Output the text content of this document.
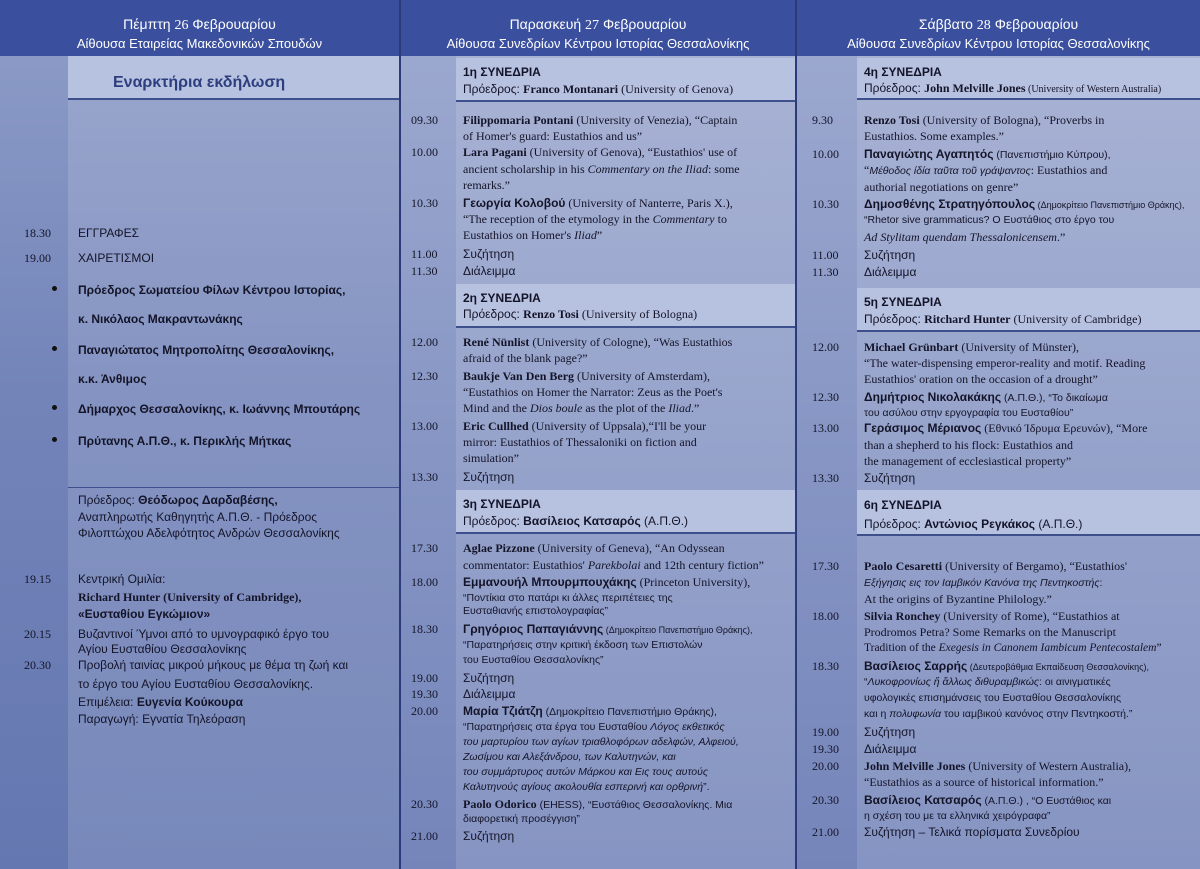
Πέμπτη 26 Φεβρουαρίου
Αίθουσα Εταιρείας Μακεδονικών Σπουδών
Εναρκτήρια εκδήλωση
18.30 ΕΓΓΡΑΦΕΣ
19.00 ΧΑΙΡΕΤΙΣΜΟΙ
Πρόεδρος Σωματείου Φίλων Κέντρου Ιστορίας,
κ. Νικόλαος Μακραντωνάκης
Παναγιώτατος Μητροπολίτης Θεσσαλονίκης,
κ.κ. Άνθιμος
Δήμαρχος Θεσσαλονίκης, κ. Ιωάννης Μπουτάρης
Πρύτανης Α.Π.Θ., κ. Περικλής Μήτκας
Πρόεδρος: Θεόδωρος Δαρδαβέσης,
Αναπληρωτής Καθηγητής Α.Π.Θ. - Πρόεδρος
Φιλοπτώχου Αδελφότητος Ανδρών Θεσσαλονίκης
19.15 Κεντρική Ομιλία:
Richard Hunter (University of Cambridge),
«Ευσταθίου Εγκώμιον»
20.15 Βυζαντινοί Ύμνοι από το υμνογραφικό έργο του
Αγίου Ευσταθίου Θεσσαλονίκης
20.30 Προβολή ταινίας μικρού μήκους με θέμα τη ζωή και
το έργο του Αγίου Ευσταθίου Θεσσαλονίκης.
Επιμέλεια: Ευγενία Κούκουρα
Παραγωγή: Εγνατία Τηλεόραση
Παρασκευή 27 Φεβρουαρίου
Αίθουσα Συνεδρίων Κέντρου Ιστορίας Θεσσαλονίκης
1η ΣΥΝΕΔΡΙΑ
Πρόεδρος: Franco Montanari (University of Genova)
09.30 Filippomaria Pontani (University of Venezia), “Captain
of Homer's guard: Eustathios and us”
10.00 Lara Pagani (University of Genova), “Eustathios' use of
ancient scholarship in his Commentary on the Iliad: some
remarks.”
10.30 Γεωργία Κολοβού (University of Nanterre, Paris X.),
“The reception of the etymology in the Commentary to
Eustathios on Homer's Iliad”
11.00 Συζήτηση
11.30 Διάλειμμα
2η ΣΥΝΕΔΡΙΑ
Πρόεδρος: Renzo Tosi (University of Bologna)
12.00 René Nünlist (University of Cologne), “Was Eustathios
afraid of the blank page?”
12.30 Baukje Van Den Berg (University of Amsterdam),
“Eustathios on Homer the Narrator: Zeus as the Poet's
Mind and the Dios boule as the plot of the Iliad.”
13.00 Eric Cullhed (University of Uppsala),“I'll be your
mirror: Eustathios of Thessaloniki on fiction and
simulation”
13.30 Συζήτηση
3η ΣΥΝΕΔΡΙΑ
Πρόεδρος: Βασίλειος Κατσαρός (Α.Π.Θ.)
17.30 Aglae Pizzone (University of Geneva), “An Odyssean
commentator: Eustathios' Parekbolai and 12th century fiction”
18.00 Εμμανουήλ Μπουρμπουχάκης (Princeton University),
“Ποντίκια στο πατάρι κι άλλες περιπέτειες της
Ευσταθιανής επιστολογραφίας”
18.30 Γρηγόριος Παπαγιάννης (Δημοκρίτειο Πανεπιστήμιο Θράκης),
“Παρατηρήσεις στην κριτική έκδοση των Επιστολών
του Ευσταθίου Θεσσαλονίκης”
19.00 Συζήτηση
19.30 Διάλειμμα
20.00 Μαρία Τζιάτζη (Δημοκρίτειο Πανεπιστήμιο Θράκης),
“Παρατηρήσεις στα έργα του Ευσταθίου Λόγος εκθετικός
του μαρτυρίου των αγίων τριαθλοφόρων αδελφών, Αλφειού,
Ζωσίμου και Αλεξάνδρου, των Καλυτηνών, και
του συμμάρτυρος αυτών Μάρκου και Εις τους αυτούς
Καλυτηνούς αγίους ακολουθία εσπερινή και ορθρινή”.
20.30 Paolo Odorico (EHESS), “Ευστάθιος Θεσσαλονίκης. Μια
διαφορετική προσέγγιση”
21.00 Συζήτηση
Σάββατο 28 Φεβρουαρίου
Αίθουσα Συνεδρίων Κέντρου Ιστορίας Θεσσαλονίκης
4η ΣΥΝΕΔΡΙΑ
Πρόεδρος: John Melville Jones (University of Western Australia)
9.30	Renzo Tosi (University of Bologna), “Proverbs in
Eustathios. Some examples.”
10.00 Παναγιώτης Αγαπητός (Πανεπιστήμιο Κύπρου),
“Μέθοδος ίδία ταῦτα τοῦ γράψαντος: Eustathios and
authorial negotiations on genre”
10.30 Δημοσθένης Στρατηγόπουλος (Δημοκρίτειο Πανεπιστήμιο Θράκης),
“Rhetor sive grammaticus? Ο Ευστάθιος στο έργο του
Ad Stylitam quendam Thessalonicensem.”
11.00 Συζήτηση
11.30 Διάλειμμα
5η ΣΥΝΕΔΡΙΑ
Πρόεδρος: Ritchard Hunter (University of Cambridge)
12.00 Michael Grünbart (University of Münster),
“The water-dispensing emperor-reality and motif. Reading
Eustathios' oration on the occasion of a drought”
12.30 Δημήτριος Νικολακάκης (Α.Π.Θ.), “Το δικαίωμα
του ασύλου στην εργογραφία του Ευσταθίου”
13.00 Γεράσιμος Μέριανος (Εθνικό Ίδρυμα Ερευνών), “More
than a shepherd to his flock: Eustathios and
the management of ecclesiastical property”
13.30 Συζήτηση
6η ΣΥΝΕΔΡΙΑ
Πρόεδρος: Αντώνιος Ρεγκάκος (Α.Π.Θ.)
17.30 Paolo Cesaretti (University of Bergamo), “Eustathios'
Εξήγησις εις τον Ιαμβικόν Κανόνα της Πεντηκοστής:
At the origins of Byzantine Philology.”
18.00 Silvia Ronchey (University of Rome), “Eustathios at
Prodromos Petra? Some Remarks on the Manuscript
Tradition of the Exegesis in Canonem Iambicum Pentecostalem”
18.30 Βασίλειος Σαρρής (Δευτεροβάθμια Εκπαίδευση Θεσσαλονίκης),
“Λυκοφρονίως ἤ ἄλλως διθυραμβικώς: οι αινιγματικές
υφολογικές επισημάνσεις του Ευσταθίου Θεσσαλονίκης
και η πολυφωνία του ιαμβικού κανόνος στην Πεντηκοστή.”
19.00 Συζήτηση
19.30 Διάλειμμα
20.00 John Melville Jones (University of Western Australia),
“Eustathios as a source of historical information.”
20.30 Βασίλειος Κατσαρός (Α.Π.Θ.) , “Ο Ευστάθιος και
η σχέση του με τα ελληνικά χειρόγραφα”
21.00 Συζήτηση – Τελικά πορίσματα Συνεδρίου
